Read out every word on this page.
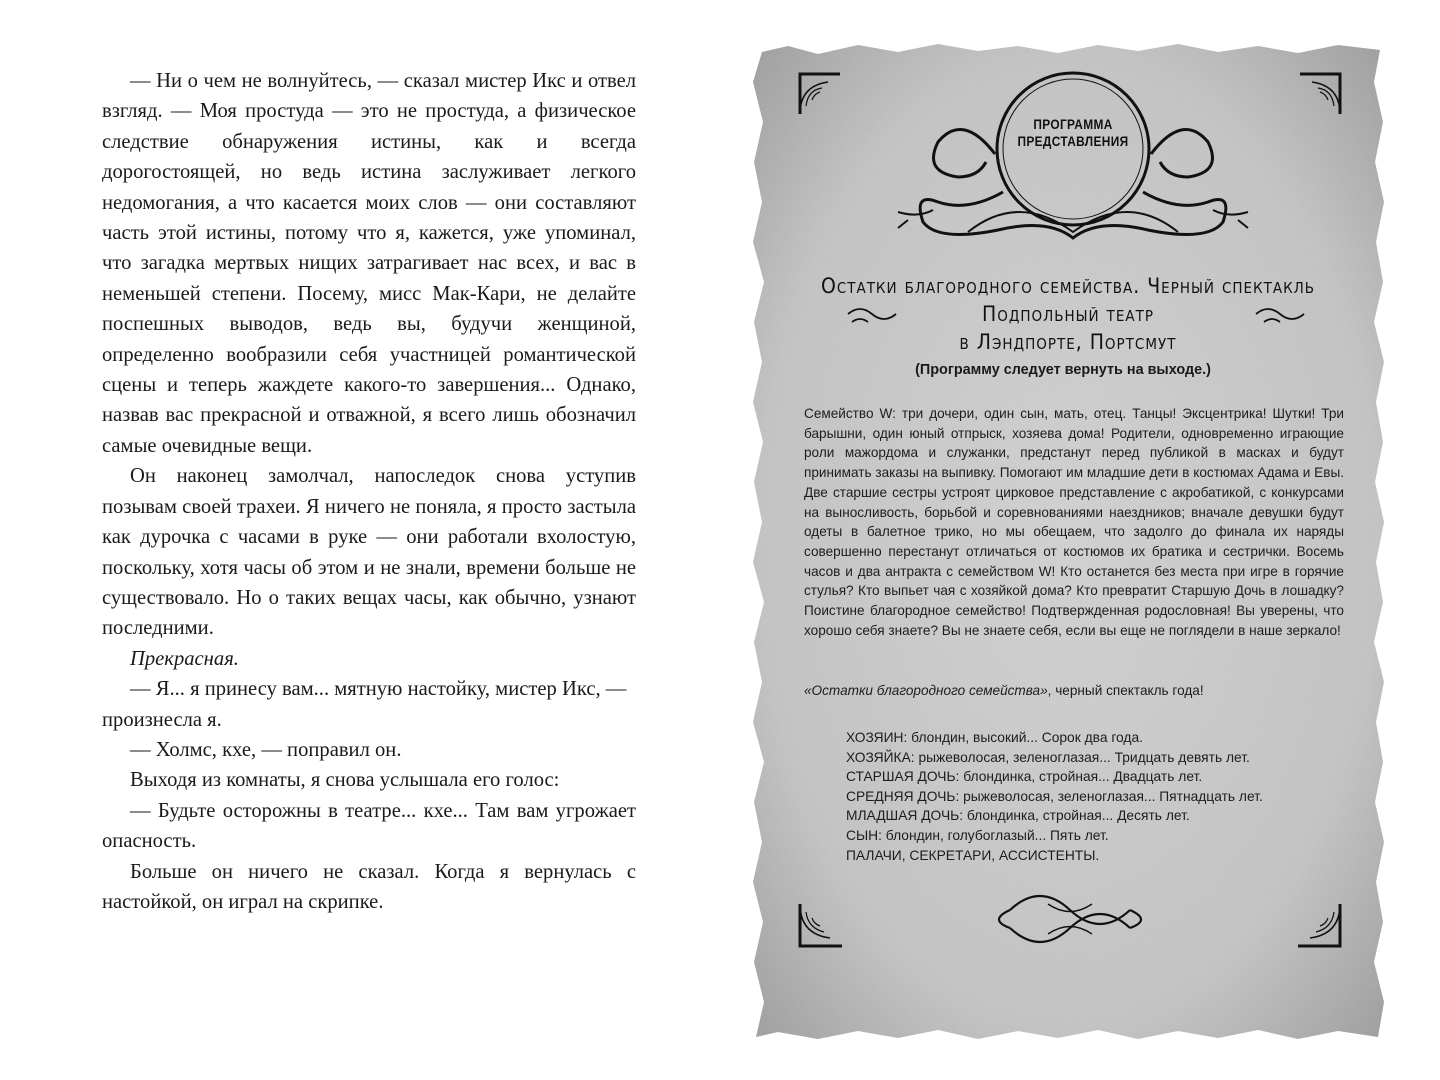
— Ни о чем не волнуйтесь, — сказал мистер Икс и отвел взгляд. — Моя простуда — это не простуда, а физическое следствие обнаружения истины, как и всегда дорогостоящей, но ведь истина заслуживает легкого недомогания, а что касается моих слов — они составляют часть этой истины, потому что я, кажется, уже упоминал, что загадка мертвых нищих затрагивает нас всех, и вас в неменьшей степени. Посему, мисс Мак-Кари, не делайте поспешных выводов, ведь вы, будучи женщиной, определенно вообразили себя участницей романтической сцены и теперь жаждете какого-то завершения... Однако, назвав вас прекрасной и отважной, я всего лишь обозначил самые очевидные вещи.

Он наконец замолчал, напоследок снова уступив позывам своей трахеи. Я ничего не поняла, я просто застыла как дурочка с часами в руке — они работали вхолостую, поскольку, хотя часы об этом и не знали, времени больше не существовало. Но о таких вещах часы, как обычно, узнают последними.

Прекрасная.

— Я... я принесу вам... мятную настойку, мистер Икс, —

произнесла я.

— Холмс, кхе, — поправил он.

Выходя из комнаты, я снова услышала его голос:

— Будьте осторожны в театре... кхе... Там вам угрожает опасность.

Больше он ничего не сказал. Когда я вернулась с настойкой, он играл на скрипке.

ПРОГРАММА
ПРЕДСТАВЛЕНИЯ
Остатки благородного семейства. Черный спектакль
Подпольный театр
в Лэндпорте, Портсмут
(Программу следует вернуть на выходе.)
Семейство W: три дочери, один сын, мать, отец. Танцы! Эксцентрика! Шутки! Три барышни, один юный отпрыск, хозяева дома! Родители, одновременно играющие роли мажордома и служанки, предстанут перед публикой в масках и будут принимать заказы на выпивку. Помогают им младшие дети в костюмах Адама и Евы. Две старшие сестры устроят цирковое представление с акробатикой, с конкурсами на выносливость, борьбой и соревнованиями наездников; вначале девушки будут одеты в балетное трико, но мы обещаем, что задолго до финала их наряды совершенно перестанут отличаться от костюмов их братика и сестрички. Восемь часов и два антракта с семейством W! Кто останется без места при игре в горячие стулья? Кто выпьет чая с хозяйкой дома? Кто превратит Старшую Дочь в лошадку? Поистине благородное семейство! Подтвержденная родословная! Вы уверены, что хорошо себя знаете? Вы не знаете себя, если вы еще не поглядели в наше зеркало!
«Остатки благородного семейства», черный спектакль года!
ХОЗЯИН: блондин, высокий... Сорок два года.
ХОЗЯЙКА: рыжеволосая, зеленоглазая... Тридцать девять лет.
СТАРШАЯ ДОЧЬ: блондинка, стройная... Двадцать лет.
СРЕДНЯЯ ДОЧЬ: рыжеволосая, зеленоглазая... Пятнадцать лет.
МЛАДШАЯ ДОЧЬ: блондинка, стройная... Десять лет.
СЫН: блондин, голубоглазый... Пять лет.
ПАЛАЧИ, СЕКРЕТАРИ, АССИСТЕНТЫ.
